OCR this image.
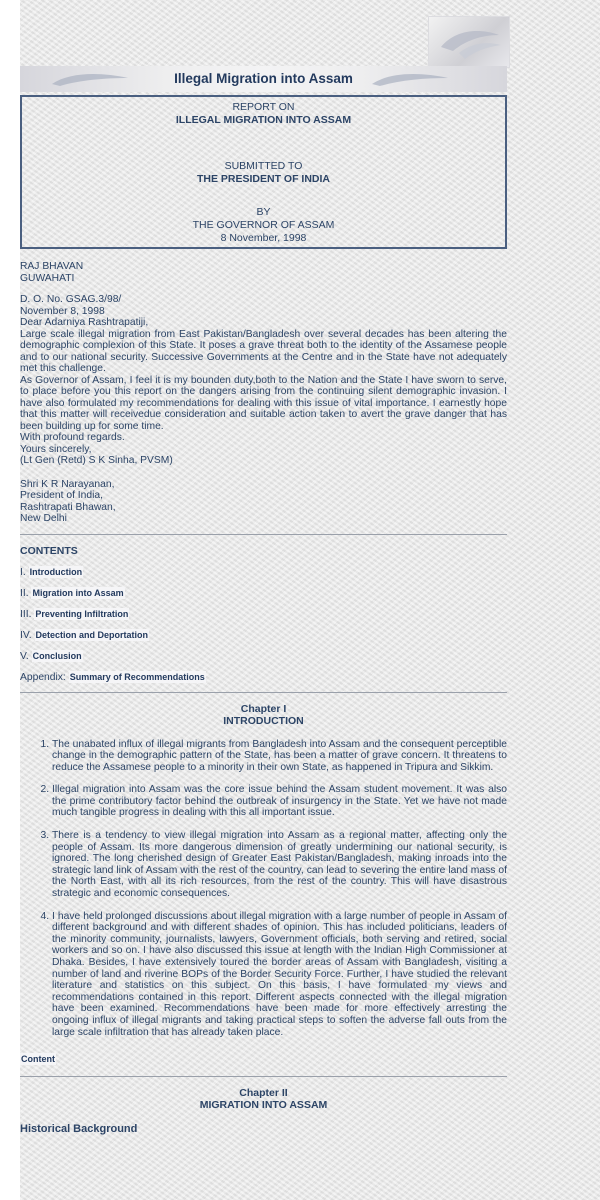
Illegal Migration into Assam
REPORT ON
ILLEGAL MIGRATION INTO ASSAM
SUBMITTED TO
THE PRESIDENT OF INDIA
BY
THE GOVERNOR OF ASSAM
8 November, 1998
RAJ BHAVAN
GUWAHATI
D. O. No. GSAG.3/98/
November 8, 1998

Dear Adarniya Rashtrapatiji,

Large scale illegal migration from East Pakistan/Bangladesh over several decades has been altering the demographic complexion of this State. It poses a grave threat both to the identity of the Assamese people and to our national security. Successive Governments at the Centre and in the State have not adequately met this challenge.

As Governor of Assam, I feel it is my bounden duty,both to the Nation and the State I have sworn to serve, to place before you this report on the dangers arising from the continuing silent demographic invasion. I have also formulated my recommendations for dealing with this issue of vital importance. I earnestly hope that this matter will receivedue consideration and suitable action taken to avert the grave danger that has been building up for some time.

With profound regards.

Yours sincerely,

(Lt Gen (Retd) S K Sinha, PVSM)

Shri K R Narayanan,
President of India,
Rashtrapati Bhawan,
New Delhi
CONTENTS
I. Introduction
II. Migration into Assam
III. Preventing Infiltration
IV. Detection and Deportation
V. Conclusion
Appendix: Summary of Recommendations
Chapter I
INTRODUCTION
1. The unabated influx of illegal migrants from Bangladesh into Assam and the consequent perceptible change in the demographic pattern of the State, has been a matter of grave concern. It threatens to reduce the Assamese people to a minority in their own State, as happened in Tripura and Sikkim.
2. Illegal migration into Assam was the core issue behind the Assam student movement. It was also the prime contributory factor behind the outbreak of insurgency in the State. Yet we have not made much tangible progress in dealing with this all important issue.
3. There is a tendency to view illegal migration into Assam as a regional matter, affecting only the people of Assam. Its more dangerous dimension of greatly undermining our national security, is ignored. The long cherished design of Greater East Pakistan/Bangladesh, making inroads into the strategic land link of Assam with the rest of the country, can lead to severing the entire land mass of the North East, with all its rich resources, from the rest of the country. This will have disastrous strategic and economic consequences.
4. I have held prolonged discussions about illegal migration with a large number of people in Assam of different background and with different shades of opinion. This has included politicians, leaders of the minority community, journalists, lawyers, Government officials, both serving and retired, social workers and so on. I have also discussed this issue at length with the Indian High Commissioner at Dhaka. Besides, I have extensively toured the border areas of Assam with Bangladesh, visiting a number of land and riverine BOPs of the Border Security Force. Further, I have studied the relevant literature and statistics on this subject. On this basis, I have formulated my views and recommendations contained in this report. Different aspects connected with the illegal migration have been examined. Recommendations have been made for more effectively arresting the ongoing influx of illegal migrants and taking practical steps to soften the adverse fall outs from the large scale infiltration that has already taken place.
Content
Chapter II
MIGRATION INTO ASSAM
Historical Background
